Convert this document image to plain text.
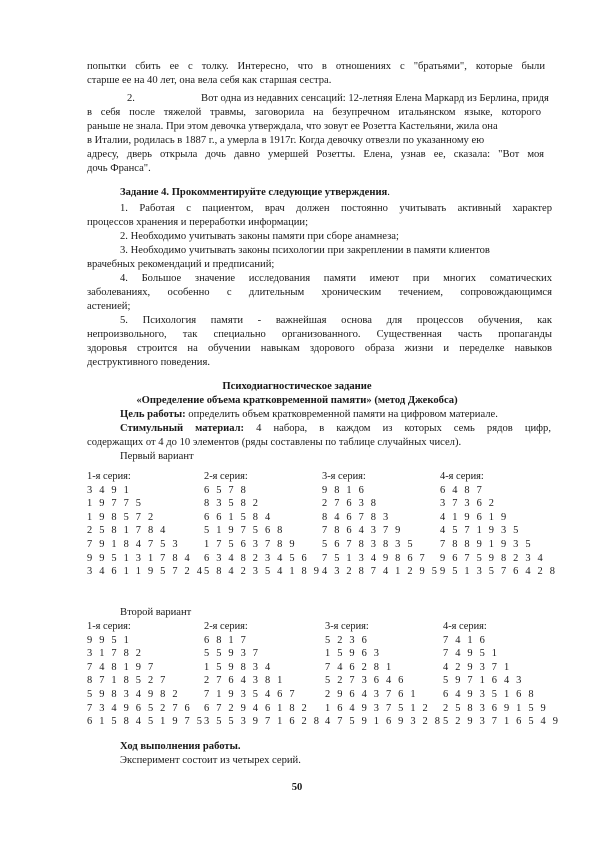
попытки сбить ее с толку. Интересно, что в отношениях с "братьями", которые были
старше ее на 40 лет, она вела себя как старшая сестра.
2.	Вот одна из недавних сенсаций: 12-летняя Елена Маркард из Берлина, придя
в себя после тяжелой травмы, заговорила на безупречном итальянском языке, которого
раньше не знала. При этом девочка утверждала, что зовут ее Розетта Кастельяни, жила она
в Италии, родилась в 1887 г., а умерла в 1917г. Когда девочку отвезли по указанному ею
адресу, дверь открыла дочь давно умершей Розетты. Елена, узнав ее, сказала: "Вот моя
дочь Франса".
Задание 4. Прокомментируйте следующие утверждения.
1. Работая с пациентом, врач должен постоянно учитывать активный характер
процессов хранения и переработки информации;
2. Необходимо учитывать законы памяти при сборе анамнеза;
3. Необходимо учитывать законы психологии при закреплении в памяти клиентов
врачебных рекомендаций и предписаний;
4. Большое значение исследования памяти имеют при многих соматических
заболеваниях, особенно с длительным хроническим течением, сопровождающимся
астенией;
5. Психология памяти - важнейшая основа для процессов обучения, как
непроизвольного, так специально организованного. Существенная часть пропаганды
здоровья строится на обучении навыкам здорового образа жизни и переделке навыков
деструктивного поведения.
Психодиагностическое задание
«Определение объема кратковременной памяти» (метод Джекобса)
Цель работы: определить объем кратковременной памяти на цифровом материале.
Стимульный материал: 4 набора, в каждом из которых семь рядов цифр,
содержащих от 4 до 10 элементов (ряды составлены по таблице случайных чисел).
Первый вариант
1-я серия:
3 4 9 1
1 9 7 7 5
1 9 8 5 7 2
2 5 8 1 7 8 4
7 9 1 8 4 7 5 3
9 9 5 1 3 1 7 8 4
3 4 6 1 1 9 5 7 2 4
2-я серия:
6 5 7 8
8 3 5 8 2
6 6 1 5 8 4
5 1 9 7 5 6 8
1 7 5 6 3 7 8 9
6 3 4 8 2 3 4 5 6
5 8 4 2 3 5 4 1 8 9
3-я серия:
9 8 1 6
2 7 6 3 8
8 4 6 7 8 3
7 8 6 4 3 7 9
5 6 7 8 3 8 3 5
7 5 1 3 4 9 8 6 7
4 3 2 8 7 4 1 2 9 5
4-я серия:
6 4 8 7
3 7 3 6 2
4 1 9 6 1 9
4 5 7 1 9 3 5
7 8 8 9 1 9 3 5
9 6 7 5 9 8 2 3 4
9 5 1 3 5 7 6 4 2 8
Второй вариант
1-я серия:
9 9 5 1
3 1 7 8 2
7 4 8 1 9 7
8 7 1 8 5 2 7
5 9 8 3 4 9 8 2
7 3 4 9 6 5 2 7 6
6 1 5 8 4 5 1 9 7 5
2-я серия:
6 8 1 7
5 5 9 3 7
1 5 9 8 3 4
2 7 6 4 3 8 1
7 1 9 3 5 4 6 7
6 7 2 9 4 6 1 8 2
3 5 5 3 9 7 1 6 2 8
3-я серия:
5 2 3 6
1 5 9 6 3
7 4 6 2 8 1
5 2 7 3 6 4 6
2 9 6 4 3 7 6 1
1 6 4 9 3 7 5 1 2
4 7 5 9 1 6 9 3 2 8
4-я серия:
7 4 1 6
7 4 9 5 1
4 2 9 3 7 1
5 9 7 1 6 4 3
6 4 9 3 5 1 6 8
2 5 8 3 6 9 1 5 9
5 2 9 3 7 1 6 5 4 9
Ход выполнения работы.
Эксперимент состоит из четырех серий.
50
